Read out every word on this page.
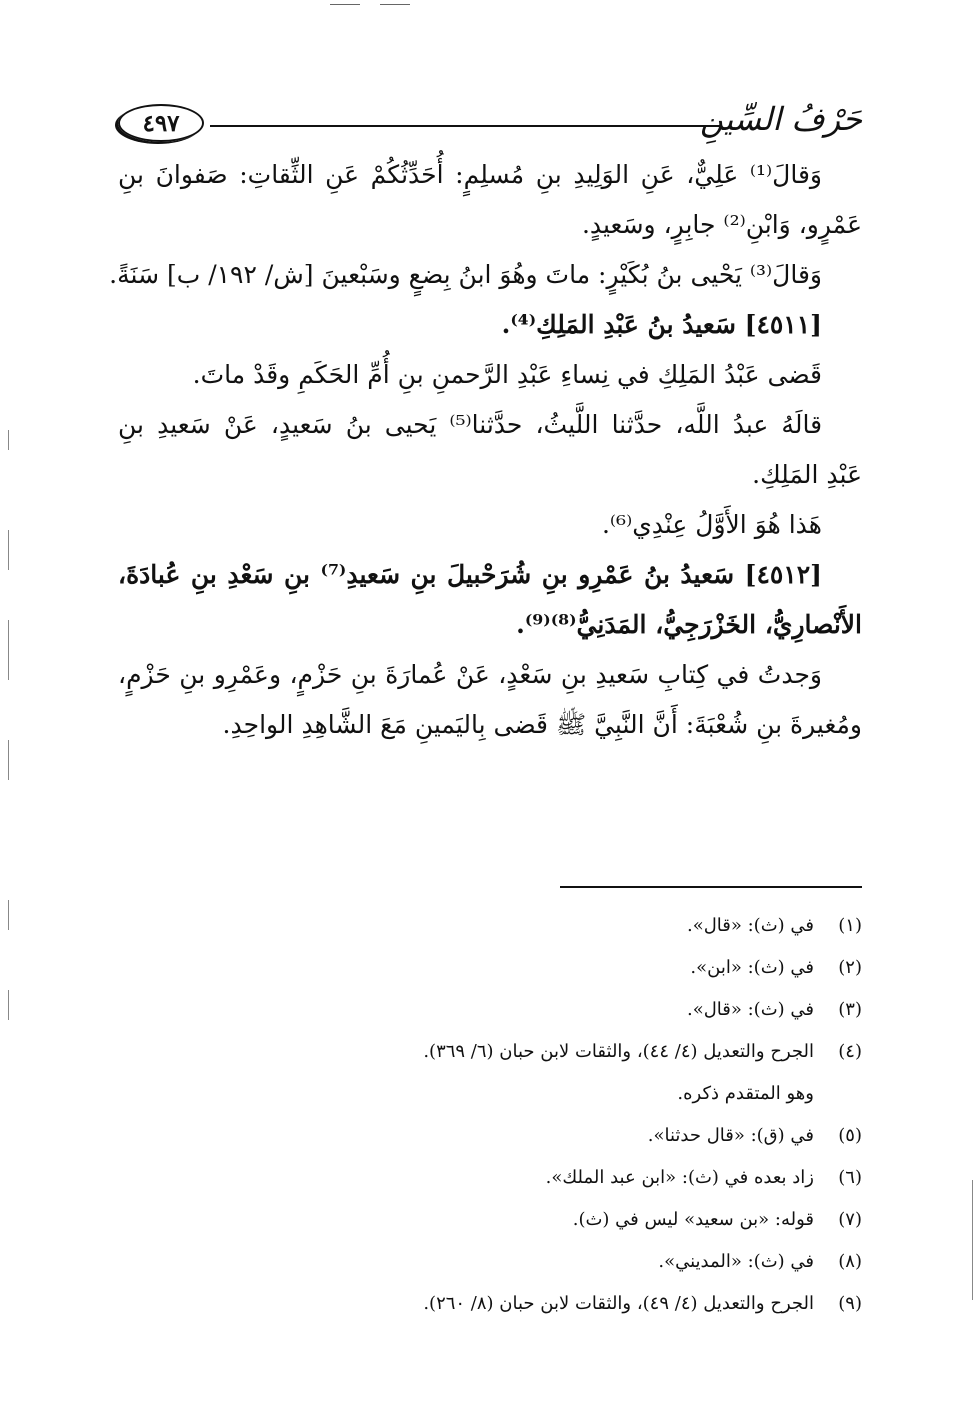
٤٩٧	حَرْفُ السِّينِ
وَقالَ⁽¹⁾ عَلِيٌّ، عَنِ الوَلِيدِ بنِ مُسلِمٍ: أُحَدِّثُكُمْ عَنِ الثِّقاتِ: صَفوانَ بنِ
عَمْرٍو، وَابْنِ⁽²⁾ جابِرٍ، وسَعيدٍ.
وَقالَ⁽³⁾ يَحْيى بنُ بُكَيْرٍ: ماتَ وهُوَ ابنُ بِضعٍ وسَبْعينَ [ش/ ١٩٢/ ب] سَنَةً.
[٤٥١١] سَعيدُ بنُ عَبْدِ المَلِكِ⁽⁴⁾.
قَضى عَبْدُ المَلِكِ في نِساءِ عَبْدِ الرَّحمنِ بنِ أُمِّ الحَكَمِ وقَدْ ماتَ.
قالَهُ عبدُ اللَّه، حدَّثنا اللَّيثُ، حدَّثنا⁽⁵⁾ يَحيى بنُ سَعيدٍ، عَنْ سَعيدِ بنِ
عَبْدِ المَلِكِ.
هَذا هُوَ الأَوَّلُ عِنْدِي⁽⁶⁾.
[٤٥١٢] سَعيدُ بنُ عَمْرِو بنِ شُرَحْبيلَ بنِ سَعيدِ⁽⁷⁾ بنِ سَعْدِ بنِ عُبادَةَ،
الأَنْصارِيُّ، الخَزْرَجِيُّ، المَدَنِيُّ⁽⁸⁾⁽⁹⁾.
وَجدتُ في كِتابِ سَعيدِ بنِ سَعْدٍ، عَنْ عُمارَةَ بنِ حَزْمٍ، وعَمْرِو بنِ حَزْمٍ،
ومُغيرةَ بنِ شُعْبَةَ: أَنَّ النَّبِيَّ ﷺ قَضى بِاليَمينِ مَعَ الشَّاهِدِ الواحِدِ.
(١)في (ث): «قال».
(٢)في (ث): «ابن».
(٣)في (ث): «قال».
(٤)الجرح والتعديل (٤/ ٤٤)، والثقات لابن حبان (٦/ ٣٦٩).
وهو المتقدم ذكره.
(٥)في (ق): «قال حدثنا».
(٦)زاد بعده في (ث): «ابن عبد الملك».
(٧)قوله: «بن سعيد» ليس في (ث).
(٨)في (ث): «المديني».
(٩)الجرح والتعديل (٤/ ٤٩)، والثقات لابن حبان (٨/ ٢٦٠).
